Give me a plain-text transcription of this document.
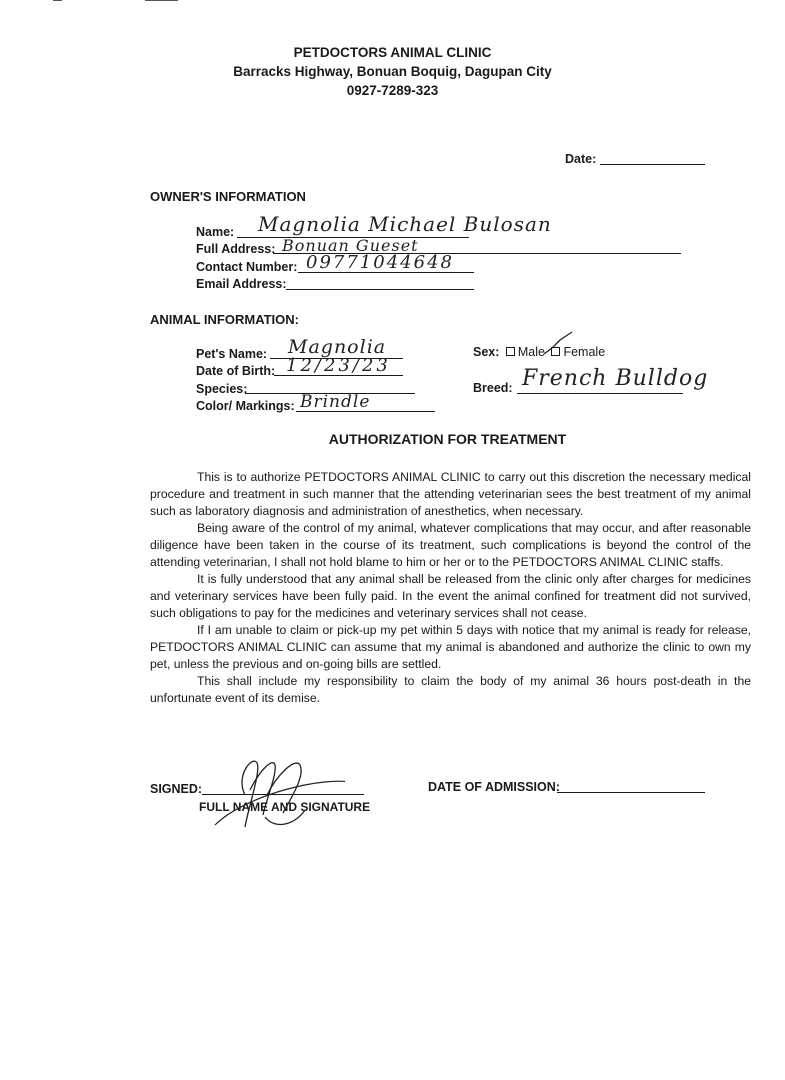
PETDOCTORS ANIMAL CLINIC
Barracks Highway, Bonuan Boquig, Dagupan City
0927-7289-323
Date:
OWNER'S INFORMATION
Name: Magnolia Michael Bulosan
Full Address: Bonuan Gueset
Contact Number: 09771044648
Email Address:
ANIMAL INFORMATION:
Pet's Name: Magnolia
Date of Birth: 12/23/23
Species:
Color/ Markings: Brindle
Sex: Male Female
Breed: French Bulldog
AUTHORIZATION FOR TREATMENT

This is to authorize PETDOCTORS ANIMAL CLINIC to carry out this discretion the necessary medical procedure and treatment in such manner that the attending veterinarian sees the best treatment of my animal such as laboratory diagnosis and administration of anesthetics, when necessary.

Being aware of the control of my animal, whatever complications that may occur, and after reasonable diligence have been taken in the course of its treatment, such complications is beyond the control of the attending veterinarian, I shall not hold blame to him or her or to the PETDOCTORS ANIMAL CLINIC staffs.

It is fully understood that any animal shall be released from the clinic only after charges for medicines and veterinary services have been fully paid. In the event the animal confined for treatment did not survived, such obligations to pay for the medicines and veterinary services shall not cease.

If I am unable to claim or pick-up my pet within 5 days with notice that my animal is ready for release, PETDOCTORS ANIMAL CLINIC can assume that my animal is abandoned and authorize the clinic to own my pet, unless the previous and on-going bills are settled.

This shall include my responsibility to claim the body of my animal 36 hours post-death in the unfortunate event of its demise.

SIGNED:
FULL NAME AND SIGNATURE
DATE OF ADMISSION:
